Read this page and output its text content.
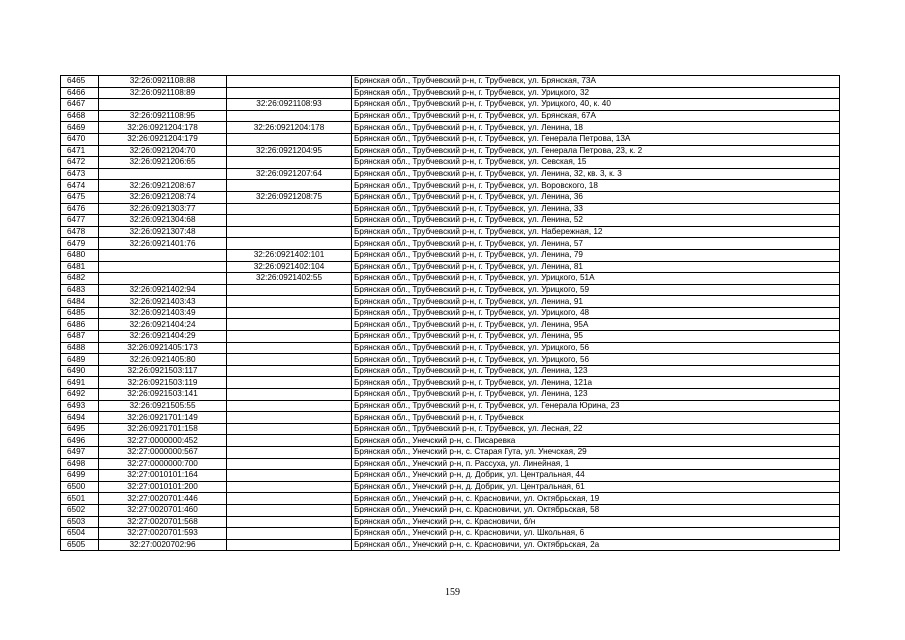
6465	32:26:0921108:88		Брянская обл., Трубчевский р-н, г. Трубчевск, ул. Брянская, 73А
6466	32:26:0921108:89		Брянская обл., Трубчевский р-н, г. Трубчевск, ул. Урицкого, 32
6467		32:26:0921108:93	Брянская обл., Трубчевский р-н, г. Трубчевск, ул. Урицкого, 40, к. 40
6468	32:26:0921108:95		Брянская обл., Трубчевский р-н, г. Трубчевск, ул. Брянская, 67А
6469	32:26:0921204:178	32:26:0921204:178	Брянская обл., Трубчевский р-н, г. Трубчевск, ул. Ленина, 18
6470	32:26:0921204:179		Брянская обл., Трубчевский р-н, г. Трубчевск, ул. Генерала Петрова, 13А
6471	32:26:0921204:70	32:26:0921204:95	Брянская обл., Трубчевский р-н, г. Трубчевск, ул. Генерала Петрова, 23, к. 2
6472	32:26:0921206:65		Брянская обл., Трубчевский р-н, г. Трубчевск, ул. Севская, 15
6473		32:26:0921207:64	Брянская обл., Трубчевский р-н, г. Трубчевск, ул. Ленина, 32, кв. 3, к. 3
6474	32:26:0921208:67		Брянская обл., Трубчевский р-н, г. Трубчевск, ул. Воровского, 18
6475	32:26:0921208:74	32:26:0921208:75	Брянская обл., Трубчевский р-н, г. Трубчевск, ул. Ленина, 36
6476	32:26:0921303:77		Брянская обл., Трубчевский р-н, г. Трубчевск, ул. Ленина, 33
6477	32:26:0921304:68		Брянская обл., Трубчевский р-н, г. Трубчевск, ул. Ленина, 52
6478	32:26:0921307:48		Брянская обл., Трубчевский р-н, г. Трубчевск, ул. Набережная, 12
6479	32:26:0921401:76		Брянская обл., Трубчевский р-н, г. Трубчевск, ул. Ленина, 57
6480		32:26:0921402:101	Брянская обл., Трубчевский р-н, г. Трубчевск, ул. Ленина, 79
6481		32:26:0921402:104	Брянская обл., Трубчевский р-н, г. Трубчевск, ул. Ленина, 81
6482		32:26:0921402:55	Брянская обл., Трубчевский р-н, г. Трубчевск, ул. Урицкого, 51А
6483	32:26:0921402:94		Брянская обл., Трубчевский р-н, г. Трубчевск, ул. Урицкого, 59
6484	32:26:0921403:43		Брянская обл., Трубчевский р-н, г. Трубчевск, ул. Ленина, 91
6485	32:26:0921403:49		Брянская обл., Трубчевский р-н, г. Трубчевск, ул. Урицкого, 48
6486	32:26:0921404:24		Брянская обл., Трубчевский р-н, г. Трубчевск, ул. Ленина, 95А
6487	32:26:0921404:29		Брянская обл., Трубчевский р-н, г. Трубчевск, ул. Ленина, 95
6488	32:26:0921405:173		Брянская обл., Трубчевский р-н, г. Трубчевск, ул. Урицкого, 56
6489	32:26:0921405:80		Брянская обл., Трубчевский р-н, г. Трубчевск, ул. Урицкого, 56
6490	32:26:0921503:117		Брянская обл., Трубчевский р-н, г. Трубчевск, ул. Ленина, 123
6491	32:26:0921503:119		Брянская обл., Трубчевский р-н, г. Трубчевск, ул. Ленина, 121а
6492	32:26:0921503:141		Брянская обл., Трубчевский р-н, г. Трубчевск, ул. Ленина, 123
6493	32:26:0921505:55		Брянская обл., Трубчевский р-н, г. Трубчевск, ул. Генерала Юрина, 23
6494	32:26:0921701:149		Брянская обл., Трубчевский р-н, г. Трубчевск
6495	32:26:0921701:158		Брянская обл., Трубчевский р-н, г. Трубчевск, ул. Лесная, 22
6496	32:27:0000000:452		Брянская обл., Унечский р-н, с. Писаревка
6497	32:27:0000000:567		Брянская обл., Унечский р-н, с. Старая Гута, ул. Унечская, 29
6498	32:27:0000000:700		Брянская обл., Унечский р-н, п. Рассуха, ул. Линейная, 1
6499	32:27:0010101:164		Брянская обл., Унечский р-н, д. Добрик, ул. Центральная, 44
6500	32:27:0010101:200		Брянская обл., Унечский р-н, д. Добрик, ул. Центральная, 61
6501	32:27:0020701:446		Брянская обл., Унечский р-н, с. Красновичи, ул. Октябрьская, 19
6502	32:27:0020701:460		Брянская обл., Унечский р-н, с. Красновичи, ул. Октябрьская, 58
6503	32:27:0020701:568		Брянская обл., Унечский р-н, с. Красновичи, б/н
6504	32:27:0020701:593		Брянская обл., Унечский р-н, с. Красновичи, ул. Школьная, 6
6505	32:27:0020702:96		Брянская обл., Унечский р-н, с. Красновичи, ул. Октябрьская, 2а
159
